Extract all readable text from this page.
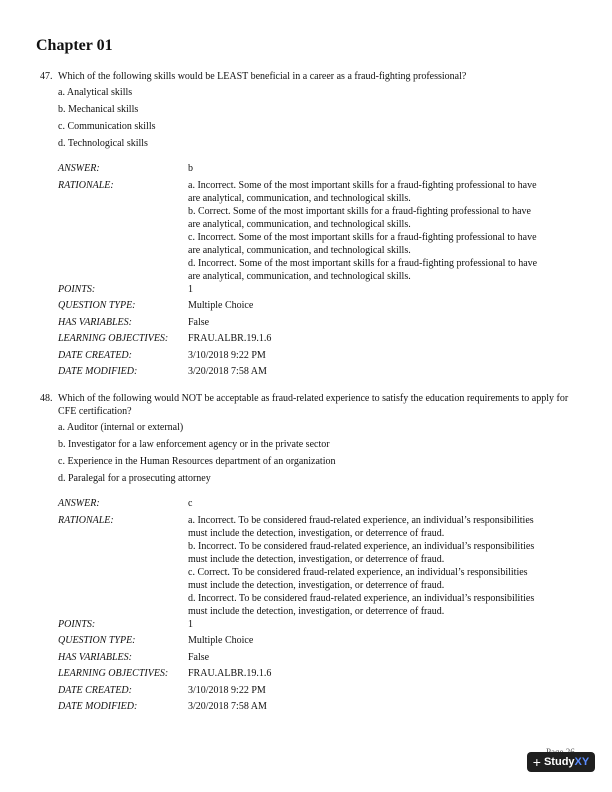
Chapter 01
47. Which of the following skills would be LEAST beneficial in a career as a fraud-fighting professional?
a. Analytical skills
b. Mechanical skills
c. Communication skills
d. Technological skills
ANSWER:	b
RATIONALE:	a. Incorrect. Some of the most important skills for a fraud-fighting professional to have
are analytical, communication, and technological skills.
b. Correct. Some of the most important skills for a fraud-fighting professional to have
are analytical, communication, and technological skills.
c. Incorrect. Some of the most important skills for a fraud-fighting professional to have
are analytical, communication, and technological skills.
d. Incorrect. Some of the most important skills for a fraud-fighting professional to have
are analytical, communication, and technological skills.
POINTS:	1
QUESTION TYPE:	Multiple Choice
HAS VARIABLES:	False
LEARNING OBJECTIVES:	FRAU.ALBR.19.1.6
DATE CREATED:	3/10/2018 9:22 PM
DATE MODIFIED:	3/20/2018 7:58 AM
48. Which of the following would NOT be acceptable as fraud-related experience to satisfy the education requirements to apply for CFE certification?
a. Auditor (internal or external)
b. Investigator for a law enforcement agency or in the private sector
c. Experience in the Human Resources department of an organization
d. Paralegal for a prosecuting attorney
ANSWER:	c
RATIONALE:	a. Incorrect. To be considered fraud-related experience, an individual’s responsibilities
must include the detection, investigation, or deterrence of fraud.
b. Incorrect. To be considered fraud-related experience, an individual’s responsibilities
must include the detection, investigation, or deterrence of fraud.
c. Correct. To be considered fraud-related experience, an individual’s responsibilities
must include the detection, investigation, or deterrence of fraud.
d. Incorrect. To be considered fraud-related experience, an individual’s responsibilities
must include the detection, investigation, or deterrence of fraud.
POINTS:	1
QUESTION TYPE:	Multiple Choice
HAS VARIABLES:	False
LEARNING OBJECTIVES:	FRAU.ALBR.19.1.6
DATE CREATED:	3/10/2018 9:22 PM
DATE MODIFIED:	3/20/2018 7:58 AM
+ StudyXY
